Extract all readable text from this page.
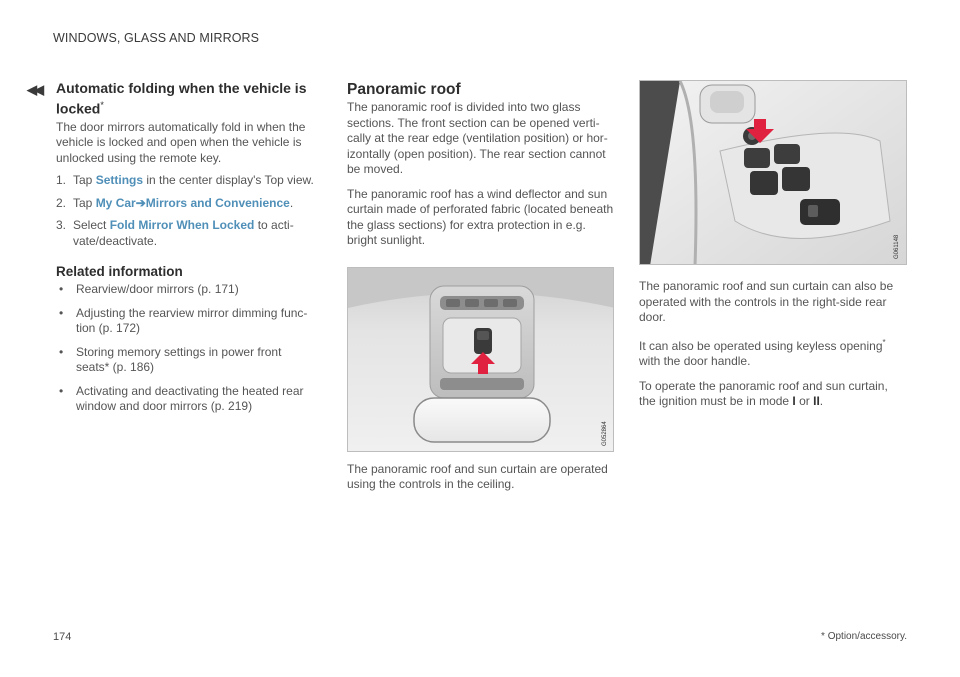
WINDOWS, GLASS AND MIRRORS
◀◀ Automatic folding when the vehicle is locked*

The door mirrors automatically fold in when the vehicle is locked and open when the vehicle is unlocked using the remote key.

1. Tap Settings in the center display's Top view.
2. Tap My Car➔Mirrors and Convenience.
3. Select Fold Mirror When Locked to acti-vate/deactivate.
Related information
• Rearview/door mirrors (p. 171)
• Adjusting the rearview mirror dimming func-tion (p. 172)
• Storing memory settings in power front seats* (p. 186)
• Activating and deactivating the heated rear window and door mirrors (p. 219)
Panoramic roof

The panoramic roof is divided into two glass sections. The front section can be opened verti-cally at the rear edge (ventilation position) or hor-izontally (open position). The rear section cannot be moved.

The panoramic roof has a wind deflector and sun curtain made of perforated fabric (located beneath the glass sections) for extra protection in e.g. bright sunlight.

G052864
The panoramic roof and sun curtain are operated using the controls in the ceiling.
G061148

The panoramic roof and sun curtain can also be operated with the controls in the right-side rear door.

It can also be operated using keyless opening* with the door handle.

To operate the panoramic roof and sun curtain, the ignition must be in mode I or II.

174	* Option/accessory.
